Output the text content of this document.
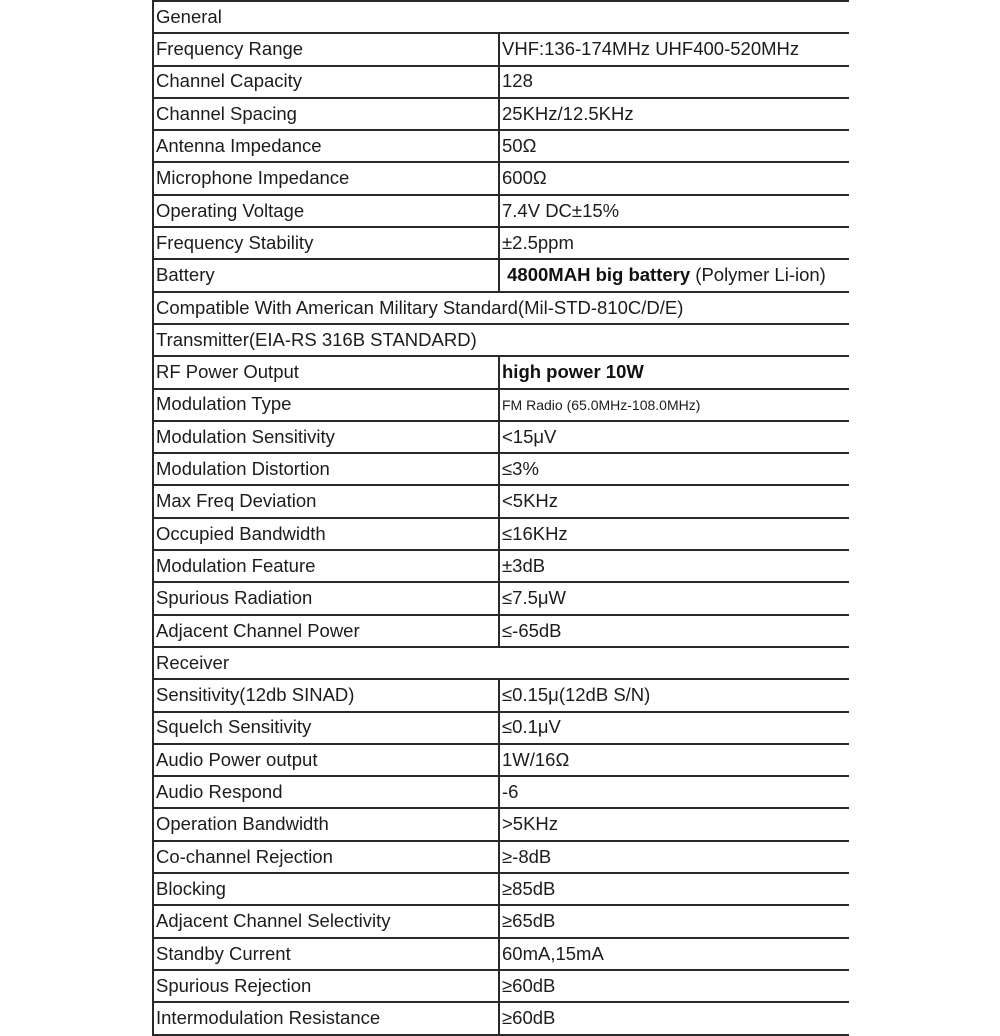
General	
Frequency Range	VHF:136-174MHz UHF400-520MHz
Channel Capacity	128
Channel Spacing	25KHz/12.5KHz
Antenna Impedance	50Ω
Microphone Impedance	600Ω
Operating Voltage	7.4V DC±15%
Frequency Stability	±2.5ppm
Battery	4800MAH big battery (Polymer Li-ion)
Compatible With American Military Standard(Mil-STD-810C/D/E)	
Transmitter(EIA-RS 316B STANDARD)	
RF Power Output	high power 10W
Modulation Type	FM Radio (65.0MHz-108.0MHz)
Modulation Sensitivity	<15μV
Modulation Distortion	≤3%
Max Freq Deviation	<5KHz
Occupied Bandwidth	≤16KHz
Modulation Feature	±3dB
Spurious Radiation	≤7.5μW
Adjacent Channel Power	≤-65dB
Receiver	
Sensitivity(12db SINAD)	≤0.15μ(12dB S/N)
Squelch Sensitivity	≤0.1μV
Audio Power output	1W/16Ω
Audio Respond	-6
Operation Bandwidth	>5KHz
Co-channel Rejection	≥-8dB
Blocking	≥85dB
Adjacent Channel Selectivity	≥65dB
Standby Current	60mA,15mA
Spurious Rejection	≥60dB
Intermodulation Resistance	≥60dB
